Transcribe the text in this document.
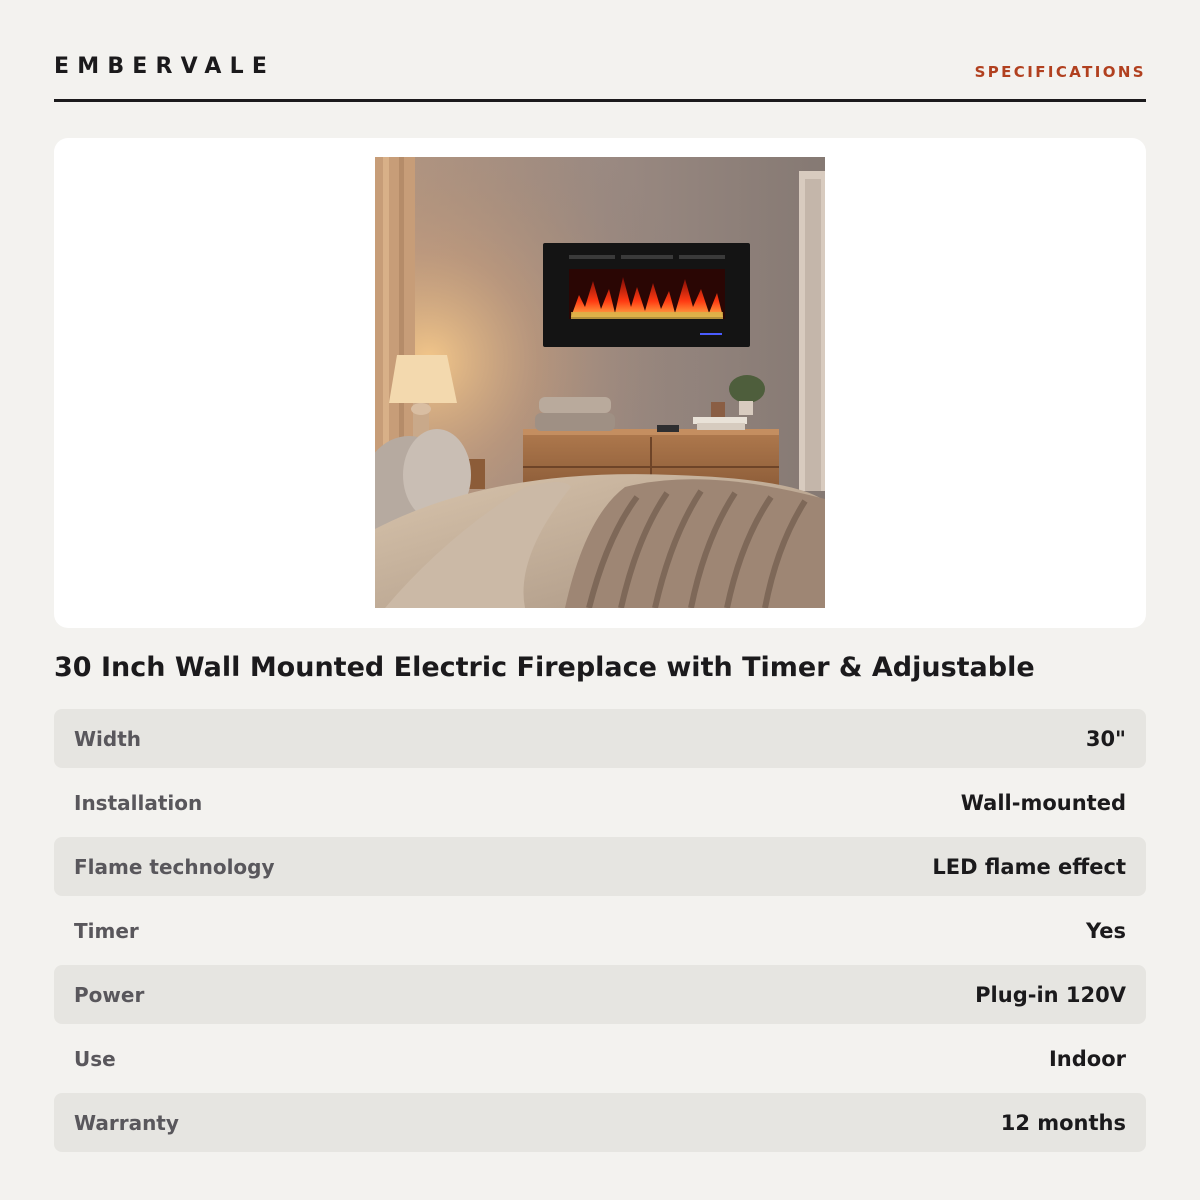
EMBERVALE	SPECIFICATIONS
30 Inch Wall Mounted Electric Fireplace with Timer & Adjustable
Width	30"
Installation	Wall-mounted
Flame technology	LED flame effect
Timer	Yes
Power	Plug-in 120V
Use	Indoor
Warranty	12 months
